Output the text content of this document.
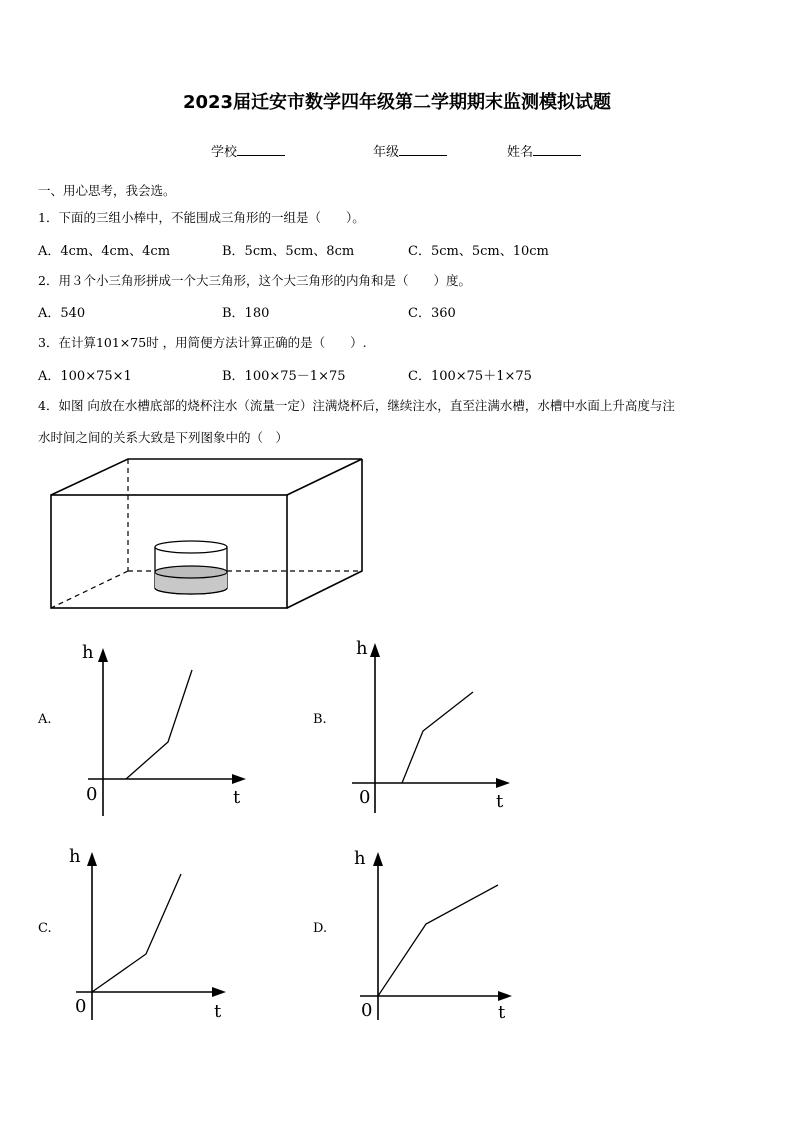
2023届迁安市数学四年级第二学期期末监测模拟试题
学校	年级	姓名
一、用心思考，我会选。
1．下面的三组小棒中，不能围成三角形的一组是（　　）。
A．4cm、4cm、4cm	B．5cm、5cm、8cm	C．5cm、5cm、10cm
2．用３个小三角形拼成一个大三角形，这个大三角形的内角和是（　　）度。
A．540	B．180	C．360
3．在计算101×75时 ，用简便方法计算正确的是（　　）.
A．100×75×1	B．100×75－1×75	C．100×75＋1×75
4．如图 向放在水槽底部的烧杯注水（流量一定）注满烧杯后，继续注水，直至注满水槽，水槽中水面上升高度与注
水时间之间的关系大致是下列图象中的（　）
A.
h
0	t
B.
h
0	t
C.
h
0	t
D.
h
0	t
